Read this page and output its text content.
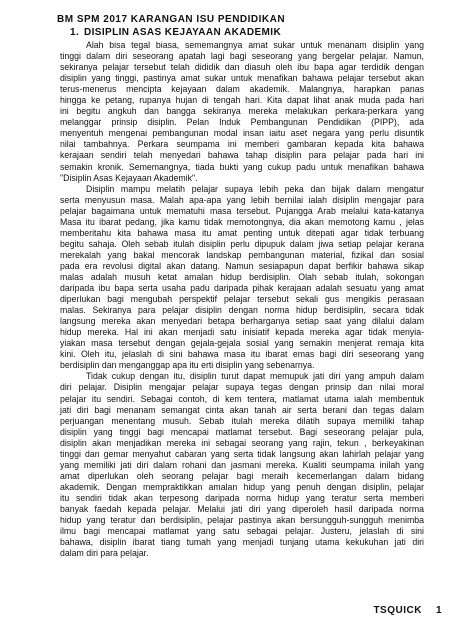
BM SPM 2017 KARANGAN ISU PENDIDIKAN
1. DISIPLIN ASAS KEJAYAAN AKADEMIK
Alah bisa tegal biasa, sememangnya amat sukar untuk menanam disiplin yang
tinggi dalam diri seseorang apatah lagi bagi seseorang yang bergelar pelajar. Namun,
sekiranya pelajar tersebut telah dididik dan diasuh oleh ibu bapa agar terdidik dengan
disiplin yang tinggi, pastinya amat sukar untuk menafikan bahawa pelajar tersebut akan
terus-menerus mencipta kejayaan dalam akademik. Malangnya, harapkan panas
hingga ke petang, rupanya hujan di tengah hari. Kita dapat lihat anak muda pada hari
ini begitu angkuh dan bangga sekiranya mereka melakukan perkara-perkara yang
melanggar prinsip disiplin. Pelan Induk Pembangunan Pendidikan (PIPP), ada
menyentuh mengenai pembangunan modal insan iaitu aset negara yang perlu disuntik
nilai tambahnya. Perkara seumpama ini memberi gambaran kepada kita bahawa
kerajaan sendiri telah menyedari bahawa tahap disiplin para pelajar pada hari ini
semakin kronik. Sememangnya, tiada bukti yang cukup padu untuk menafikan bahawa
"Disiplin Asas Kejayaan Akademik".
Disiplin mampu melatih pelajar supaya lebih peka dan bijak dalam mengatur
serta menyusun masa. Malah apa-apa yang lebih bernilai ialah disiplin mengajar para
pelajar bagaimana untuk mematuhi masa tersebut. Pujangga Arab melalui kata-katanya
Masa itu ibarat pedang, jika kamu tidak memotongnya, dia akan memotong kamu , jelas
memberitahu kita bahawa masa itu amat penting untuk ditepati agar tidak terbuang
begitu sahaja. Oleh sebab itulah disiplin perlu dipupuk dalam jiwa setiap pelajar kerana
merekalah yang bakal mencorak landskap pembangunan material, fizikal dan sosial
pada era revolusi digital akan datang. Namun sesiapapun dapat berfikir bahawa sikap
malas adalah musuh ketat amalan hidup berdisiplin. Olah sebab itulah, sokongan
daripada ibu bapa serta usaha padu daripada pihak kerajaan adalah sesuatu yang amat
diperlukan bagi mengubah perspektif pelajar tersebut sekali gus mengikis perasaan
malas. Sekiranya para pelajar disiplin dengan norma hidup berdisiplin, secara tidak
langsung mereka akan menyedari betapa berharganya setiap saat yang dilalui dalam
hidup mereka. Hal ini akan menjadi satu inisiatif kepada mereka agar tidak menyia-
yiakan masa tersebut dengan gejala-gejala sosial yang semakin menjerat remaja kita
kini. Oleh itu, jelaslah di sini bahawa masa itu ibarat emas bagi diri seseorang yang
berdisiplin dan menganggap apa itu erti disiplin yang sebenarnya.
Tidak cukup dengan itu, disiplin turut dapat memupuk jati diri yang ampuh dalam
diri pelajar. Disiplin mengajar pelajar supaya tegas dengan prinsip dan nilai moral
pelajar itu sendiri. Sebagai contoh, di kem tentera, matlamat utama ialah membentuk
jati diri bagi menanam semangat cinta akan tanah air serta berani dan tegas dalam
perjuangan menentang musuh. Sebab itulah mereka dilatih supaya memiliki tahap
disiplin yang tinggi bagi mencapai matlamat tersebut. Bagi seseorang pelajar pula,
disiplin akan menjadikan mereka ini sebagai seorang yang rajin, tekun , berkeyakinan
tinggi dan gemar menyahut cabaran yang serta tidak langsung akan lahirlah pelajar yang
yang memiliki jati diri dalam rohani dan jasmani mereka. Kualiti seumpama inilah yang
amat diperlukan oleh seorang pelajar bagi meraih kecemerlangan dalam bidang
akademik. Dengan mempraktikkan amalan hidup yang penuh dengan disiplin, pelajar
itu sendiri tidak akan terpesong daripada norma hidup yang teratur serta memberi
banyak faedah kepada pelajar. Melalui jati diri yang diperoleh hasil daripada norma
hidup yang teratur dan berdisiplin, pelajar pastinya akan bersungguh-sungguh menimba
ilmu bagi mencapai matlamat yang satu sebagai pelajar. Justeru, jelaslah di sini
bahawa, disiplin ibarat tiang tumah yang menjadi tunjang utama kekukuhan jati diri
dalam diri para pelajar.
TSQUICK 1
